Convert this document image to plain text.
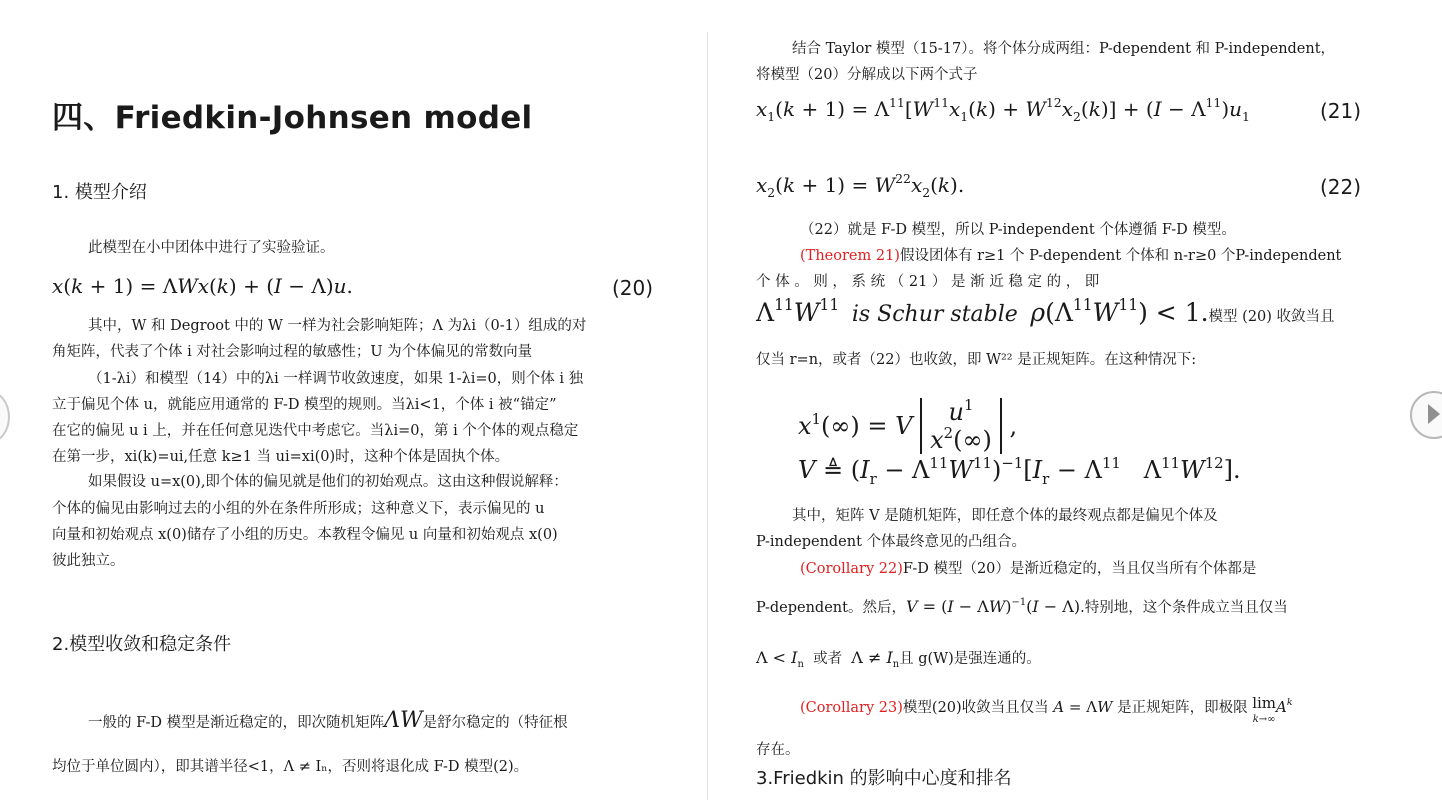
四、Friedkin-Johnsen model
1. 模型介绍
此模型在小中团体中进行了实验验证。
x(k + 1) = ΛWx(k) + (I − Λ)u.	(20)
其中，W 和 Degroot 中的 W 一样为社会影响矩阵；Λ 为λi（0-1）组成的对
角矩阵，代表了个体 i 对社会影响过程的敏感性；U 为个体偏见的常数向量
（1-λi）和模型（14）中的λi 一样调节收敛速度，如果 1-λi=0，则个体 i 独
立于偏见个体 u，就能应用通常的 F-D 模型的规则。当λi<1，个体 i 被“锚定”
在它的偏见 u i 上，并在任何意见迭代中考虑它。当λi=0，第 i 个个体的观点稳定
在第一步，xi(k)=ui,任意 k≥1 当 ui=xi(0)时，这种个体是固执个体。
如果假设 u=x(0),即个体的偏见就是他们的初始观点。这由这种假说解释：
个体的偏见由影响过去的小组的外在条件所形成；这种意义下，表示偏见的 u
向量和初始观点 x(0)储存了小组的历史。本教程令偏见 u 向量和初始观点 x(0)
彼此独立。
2.模型收敛和稳定条件
一般的 F-D 模型是渐近稳定的，即次随机矩阵ΛW是舒尔稳定的（特征根
均位于单位圆内），即其谱半径<1，Λ ≠ Iₙ，否则将退化成 F-D 模型(2)。
结合 Taylor 模型（15-17）。将个体分成两组：P-dependent 和 P-independent，
将模型（20）分解成以下两个式子
$x_1(k + 1) = \Lambda^{11}[W^{11}x_1(k) + W^{12}x_2(k)] + (I - \Lambda^{11})u_1$	(21)
$x_2(k + 1) = W^{22}x_2(k)$.	(22)
（22）就是 F-D 模型，所以 P-independent 个体遵循 F-D 模型。
(Theorem 21)假设团体有 r≥1 个 P-dependent 个体和 n-r≥0 个P-independent
个 体 。 则 ， 系 统 （ 21 ） 是 渐 近 稳 定 的 ， 即
$\Lambda^{11}W^{11}$ is Schur stable $\rho(\Lambda^{11}W^{11}) < 1$.模型 (20) 收敛当且
仅当 r=n，或者（22）也收敛，即 W²² 是正规矩阵。在这种情况下:
$x^1(\infty) = V$	$u^1$
$x^2(\infty)$ ,
V ≜ $(I_r - \Lambda^{11}W^{11})^{-1}[I_r - \Lambda^{11}$   $\Lambda^{11}W^{12}$].
其中，矩阵 V 是随机矩阵，即任意个体的最终观点都是偏见个体及
P-independent 个体最终意见的凸组合。
(Corollary 22)F-D 模型（20）是渐近稳定的，当且仅当所有个体都是
P-dependent。然后，$V = (I - \Lambda W)^{-1}(I - \Lambda)$.特别地，这个条件成立当且仅当
$\Lambda < I_n$ 或者 $\Lambda \ne I_n$且 g(W)是强连通的。
(Corollary 23)模型(20)收敛当且仅当 A = ΛW 是正规矩阵，即极限 lim
$k\to\infty A^k$
存在。
3.Friedkin 的影响中心度和排名
